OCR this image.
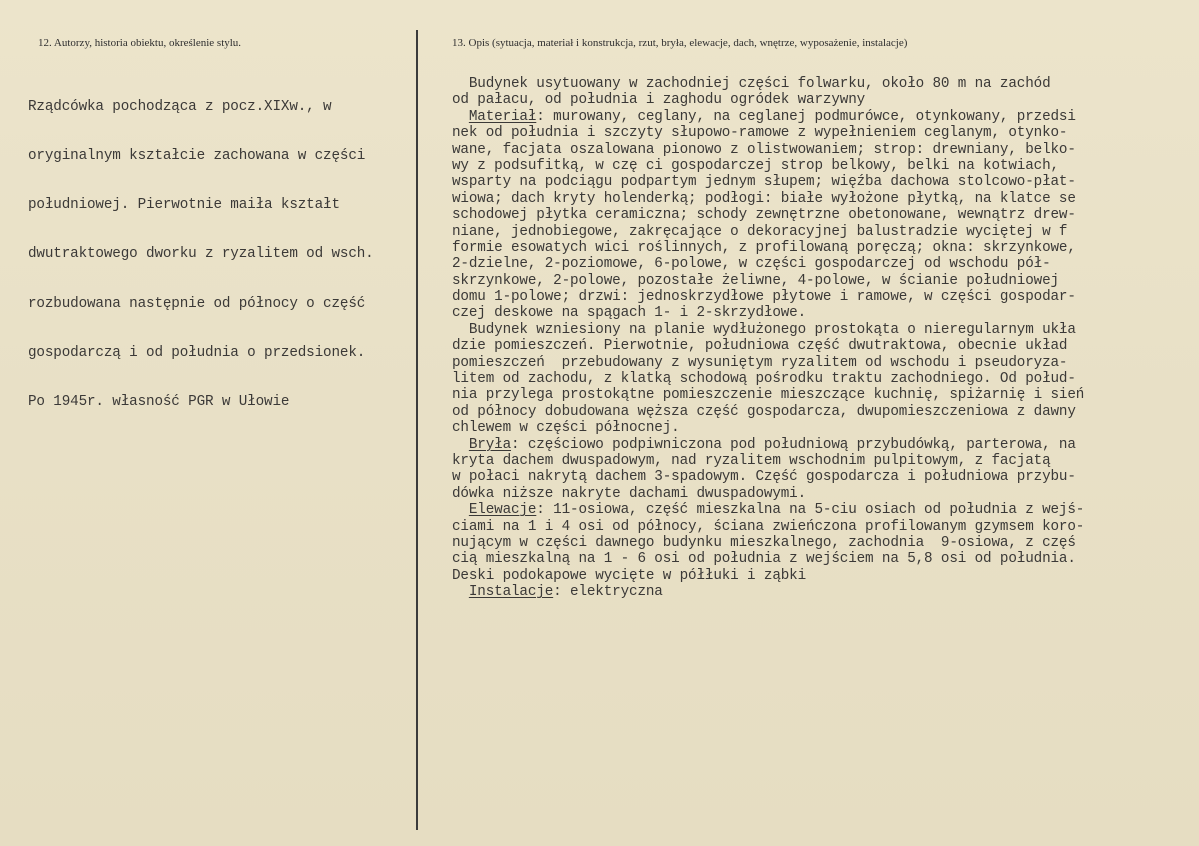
12. Autorzy, historia obiektu, określenie stylu.	13. Opis (sytuacja, materiał i konstrukcja, rzut, bryła, elewacje, dach, wnętrze, wyposażenie, instalacje)

Rządcówka pochodząca z pocz.XIXw., w

oryginalnym kształcie zachowana w części

południowej. Pierwotnie maiła kształt

dwutraktowego dworku z ryzalitem od wsch.

rozbudowana następnie od północy o część

gospodarczą i od południa o przedsionek.

Po 1945r. własność PGR w Ułowie

Budynek usytuowany w zachodniej części folwarku, około 80 m na zachód
od pałacu, od południa i zaghodu ogródek warzywny
Materiał: murowany, ceglany, na ceglanej podmurówce, otynkowany, przedsi
nek od południa i szczyty słupowo-ramowe z wypełnieniem ceglanym, otynko-
wane, facjata oszalowana pionowo z olistwowaniem; strop: drewniany, belko-
wy z podsufitką, w czę ci gospodarczej strop belkowy, belki na kotwiach,
wsparty na podciągu podpartym jednym słupem; więźba dachowa stolcowo-płat-
wiowa; dach kryty holenderką; podłogi: białe wyłożone płytką, na klatce se
schodowej płytka ceramiczna; schody zewnętrzne obetonowane, wewnątrz drew-
niane, jednobiegowe, zakręcające o dekoracyjnej balustradzie wyciętej w f
formie esowatych wici roślinnych, z profilowaną poręczą; okna: skrzynkowe,
2-dzielne, 2-poziomowe, 6-polowe, w części gospodarczej od wschodu pół-
skrzynkowe, 2-polowe, pozostałe żeliwne, 4-polowe, w ścianie południowej
domu 1-polowe; drzwi: jednoskrzydłowe płytowe i ramowe, w części gospodar-
czej deskowe na spągach 1- i 2-skrzydłowe.
Budynek wzniesiony na planie wydłużonego prostokąta o nieregularnym ukła
dzie pomieszczeń. Pierwotnie, południowa część dwutraktowa, obecnie układ
pomieszczeń  przebudowany z wysuniętym ryzalitem od wschodu i pseudoryza-
litem od zachodu, z klatką schodową pośrodku traktu zachodniego. Od połud-
nia przylega prostokątne pomieszczenie mieszczące kuchnię, spiżarnię i sień
od północy dobudowana węższa część gospodarcza, dwupomieszczeniowa z dawny
chlewem w części północnej.
Bryła: częściowo podpiwniczona pod południową przybudówką, parterowa, na
kryta dachem dwuspadowym, nad ryzalitem wschodnim pulpitowym, z facjatą
w połaci nakrytą dachem 3-spadowym. Część gospodarcza i południowa przybu-
dówka niższe nakryte dachami dwuspadowymi.
Elewacje: 11-osiowa, część mieszkalna na 5-ciu osiach od południa z wejś-
ciami na 1 i 4 osi od północy, ściana zwieńczona profilowanym gzymsem koro-
nującym w części dawnego budynku mieszkalnego, zachodnia  9-osiowa, z częś
cią mieszkalną na 1 - 6 osi od południa z wejściem na 5,8 osi od południa.
Deski podokapowe wycięte w półłuki i ząbki
Instalacje: elektryczna
